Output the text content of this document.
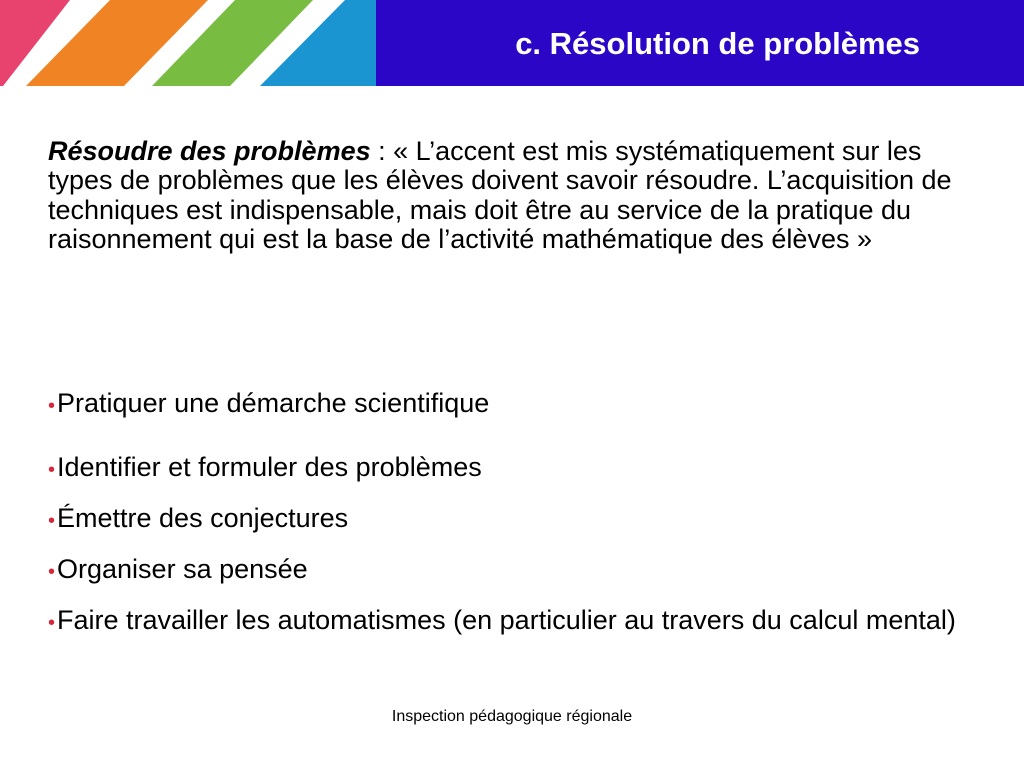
c. Résolution de problèmes

Résoudre des problèmes : « L’accent est mis systématiquement sur les types de problèmes que les élèves doivent savoir résoudre. L’acquisition de techniques est indispensable, mais doit être au service de la pratique du raisonnement qui est la base de l’activité mathématique des élèves »

•Pratiquer une démarche scientifique
•Identifier et formuler des problèmes
•Émettre des conjectures
•Organiser sa pensée
•Faire travailler les automatismes (en particulier au travers du calcul mental)

Inspection pédagogique régionale
